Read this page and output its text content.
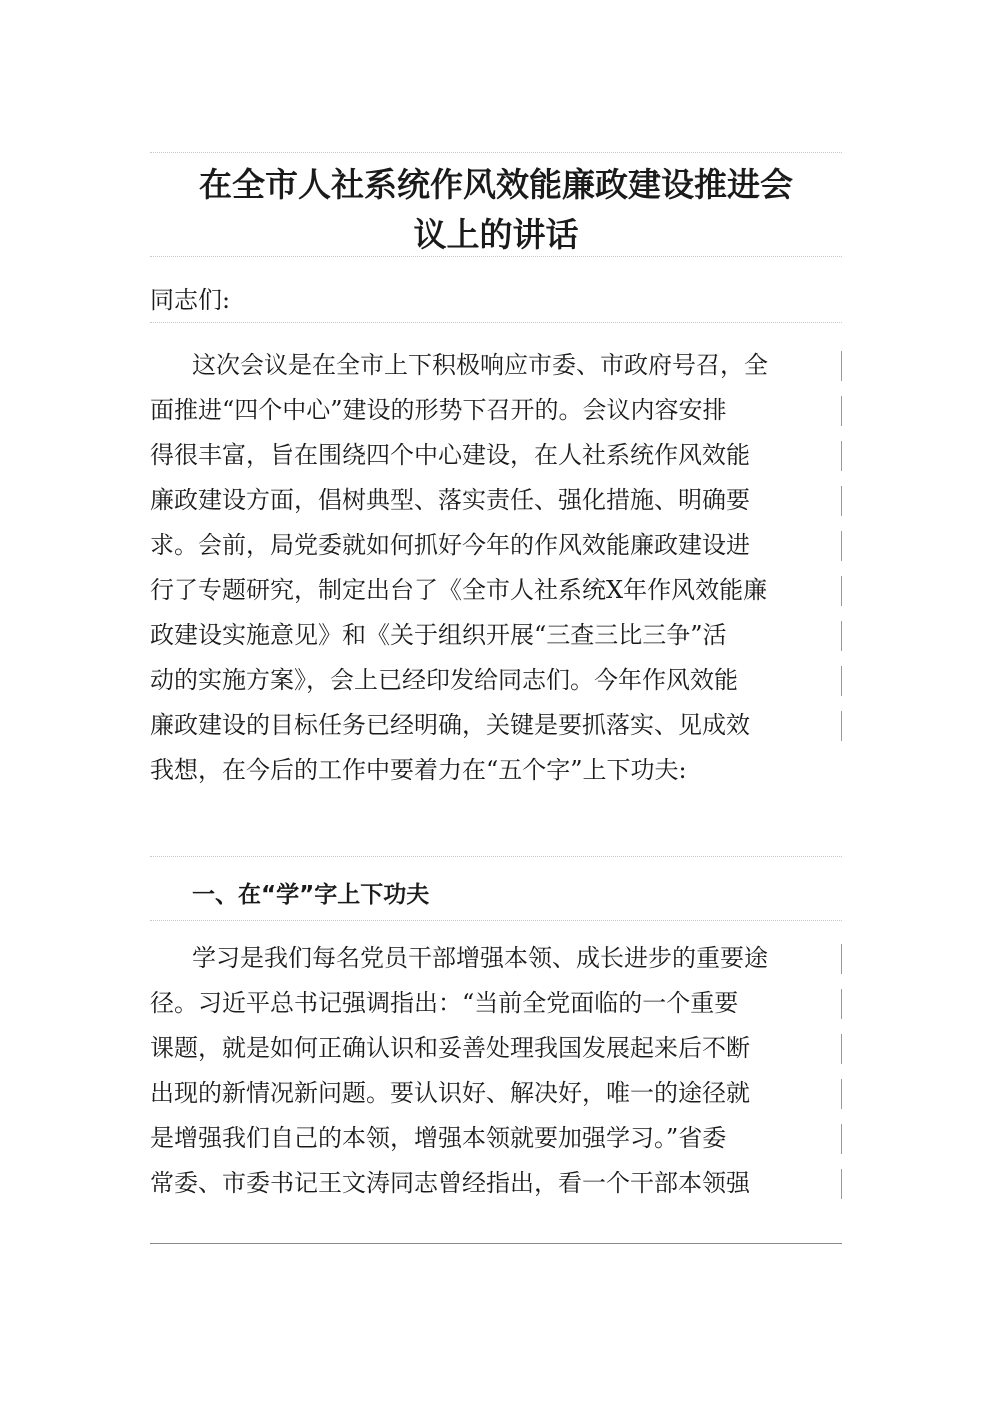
在全市人社系统作风效能廉政建设推进会
议上的讲话

同志们:

这次会议是在全市上下积极响应市委、市政府号召，全
面推进“四个中心”建设的形势下召开的。会议内容安排
得很丰富，旨在围绕四个中心建设，在人社系统作风效能
廉政建设方面，倡树典型、落实责任、强化措施、明确要
求。会前，局党委就如何抓好今年的作风效能廉政建设进
行了专题研究，制定出台了《全市人社系统X年作风效能廉
政建设实施意见》和《关于组织开展“三查三比三争”活
动的实施方案》，会上已经印发给同志们。今年作风效能
廉政建设的目标任务已经明确，关键是要抓落实、见成效
我想，在今后的工作中要着力在“五个字”上下功夫:
一、在“学”字上下功夫
学习是我们每名党员干部增强本领、成长进步的重要途
径。习近平总书记强调指出：“当前全党面临的一个重要
课题，就是如何正确认识和妥善处理我国发展起来后不断
出现的新情况新问题。要认识好、解决好，唯一的途径就
是增强我们自己的本领，增强本领就要加强学习。”省委
常委、市委书记王文涛同志曾经指出，看一个干部本领强
